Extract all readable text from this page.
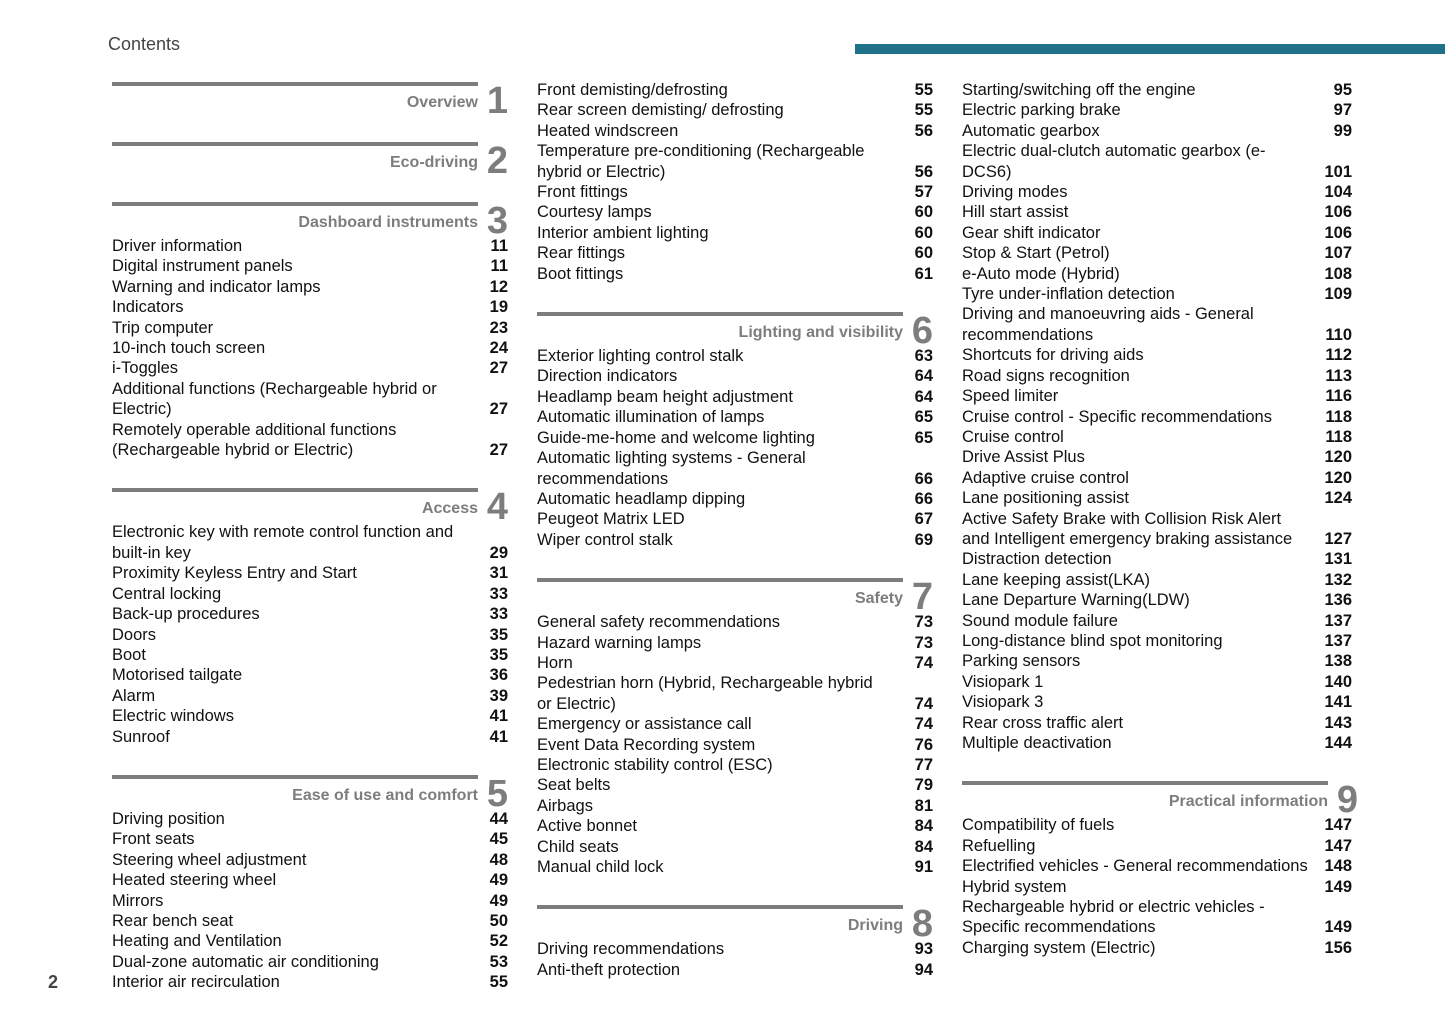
Contents
Overview 1
Eco-driving 2
Dashboard instruments 3
Driver information	11
Digital instrument panels	11
Warning and indicator lamps	12
Indicators	19
Trip computer	23
10-inch touch screen	24
i-Toggles	27
Additional functions (Rechargeable hybrid or Electric)	27
Remotely operable additional functions (Rechargeable hybrid or Electric)	27
Access 4
Electronic key with remote control function and built-in key	29
Proximity Keyless Entry and Start	31
Central locking	33
Back-up procedures	33
Doors	35
Boot	35
Motorised tailgate	36
Alarm	39
Electric windows	41
Sunroof	41
Ease of use and comfort 5
Driving position	44
Front seats	45
Steering wheel adjustment	48
Heated steering wheel	49
Mirrors	49
Rear bench seat	50
Heating and Ventilation	52
Dual-zone automatic air conditioning	53
Interior air recirculation	55
Front demisting/defrosting	55
Rear screen demisting/ defrosting	55
Heated windscreen	56
Temperature pre-conditioning (Rechargeable hybrid or Electric)	56
Front fittings	57
Courtesy lamps	60
Interior ambient lighting	60
Rear fittings	60
Boot fittings	61
Lighting and visibility 6
Exterior lighting control stalk	63
Direction indicators	64
Headlamp beam height adjustment	64
Automatic illumination of lamps	65
Guide-me-home and welcome lighting	65
Automatic lighting systems - General recommendations	66
Automatic headlamp dipping	66
Peugeot Matrix LED	67
Wiper control stalk	69
Safety 7
General safety recommendations	73
Hazard warning lamps	73
Horn	74
Pedestrian horn (Hybrid, Rechargeable hybrid or Electric)	74
Emergency or assistance call	74
Event Data Recording system	76
Electronic stability control (ESC)	77
Seat belts	79
Airbags	81
Active bonnet	84
Child seats	84
Manual child lock	91
Driving 8
Driving recommendations	93
Anti-theft protection	94
Starting/switching off the engine	95
Electric parking brake	97
Automatic gearbox	99
Electric dual-clutch automatic gearbox (e-DCS6)	101
Driving modes	104
Hill start assist	106
Gear shift indicator	106
Stop & Start (Petrol)	107
e-Auto mode (Hybrid)	108
Tyre under-inflation detection	109
Driving and manoeuvring aids - General recommendations	110
Shortcuts for driving aids	112
Road signs recognition	113
Speed limiter	116
Cruise control - Specific recommendations	118
Cruise control	118
Drive Assist Plus	120
Adaptive cruise control	120
Lane positioning assist	124
Active Safety Brake with Collision Risk Alert and Intelligent emergency braking assistance	127
Distraction detection	131
Lane keeping assist(LKA)	132
Lane Departure Warning(LDW)	136
Sound module failure	137
Long-distance blind spot monitoring	137
Parking sensors	138
Visiopark 1	140
Visiopark 3	141
Rear cross traffic alert	143
Multiple deactivation	144
Practical information 9
Compatibility of fuels	147
Refuelling	147
Electrified vehicles - General recommendations	148
Hybrid system	149
Rechargeable hybrid or electric vehicles - Specific recommendations	149
Charging system (Electric)	156
2
